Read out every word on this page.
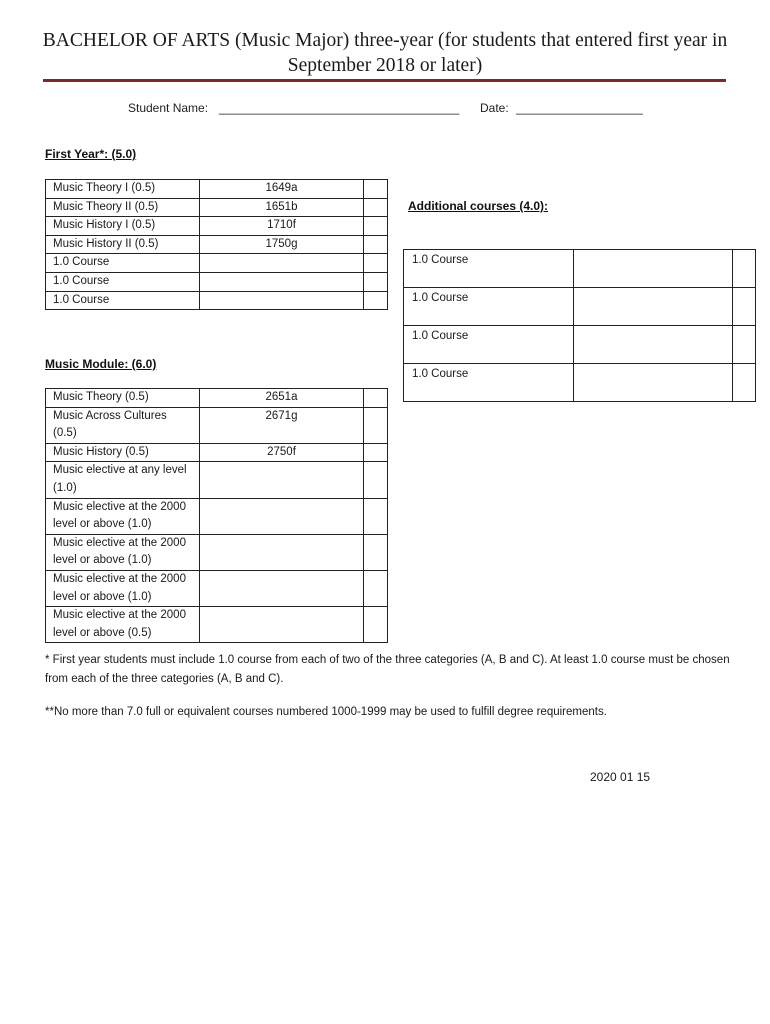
BACHELOR OF ARTS (Music Major) three-year (for students that entered first year in September 2018 or later)
Student Name: ____________________________________ Date: ___________________
First Year*: (5.0)
Music Theory I (0.5)	1649a	
Music Theory II (0.5)	1651b	
Music History I (0.5)	1710f	
Music History II (0.5)	1750g	
1.0 Course		
1.0 Course		
1.0 Course		
Additional courses (4.0):
1.0 Course		
1.0 Course		
1.0 Course		
1.0 Course		
Music Module: (6.0)
Music Theory (0.5)	2651a	
Music Across Cultures (0.5)	2671g	
Music History (0.5)	2750f	
Music elective at any level (1.0)		
Music elective at the 2000 level or above (1.0)		
Music elective at the 2000 level or above (1.0)		
Music elective at the 2000 level or above (1.0)		
Music elective at the 2000 level or above (0.5)		
* First year students must include 1.0 course from each of two of the three categories (A, B and C). At least 1.0 course must be chosen from each of the three categories (A, B and C).
**No more than 7.0 full or equivalent courses numbered 1000-1999 may be used to fulfill degree requirements.
2020 01 15
